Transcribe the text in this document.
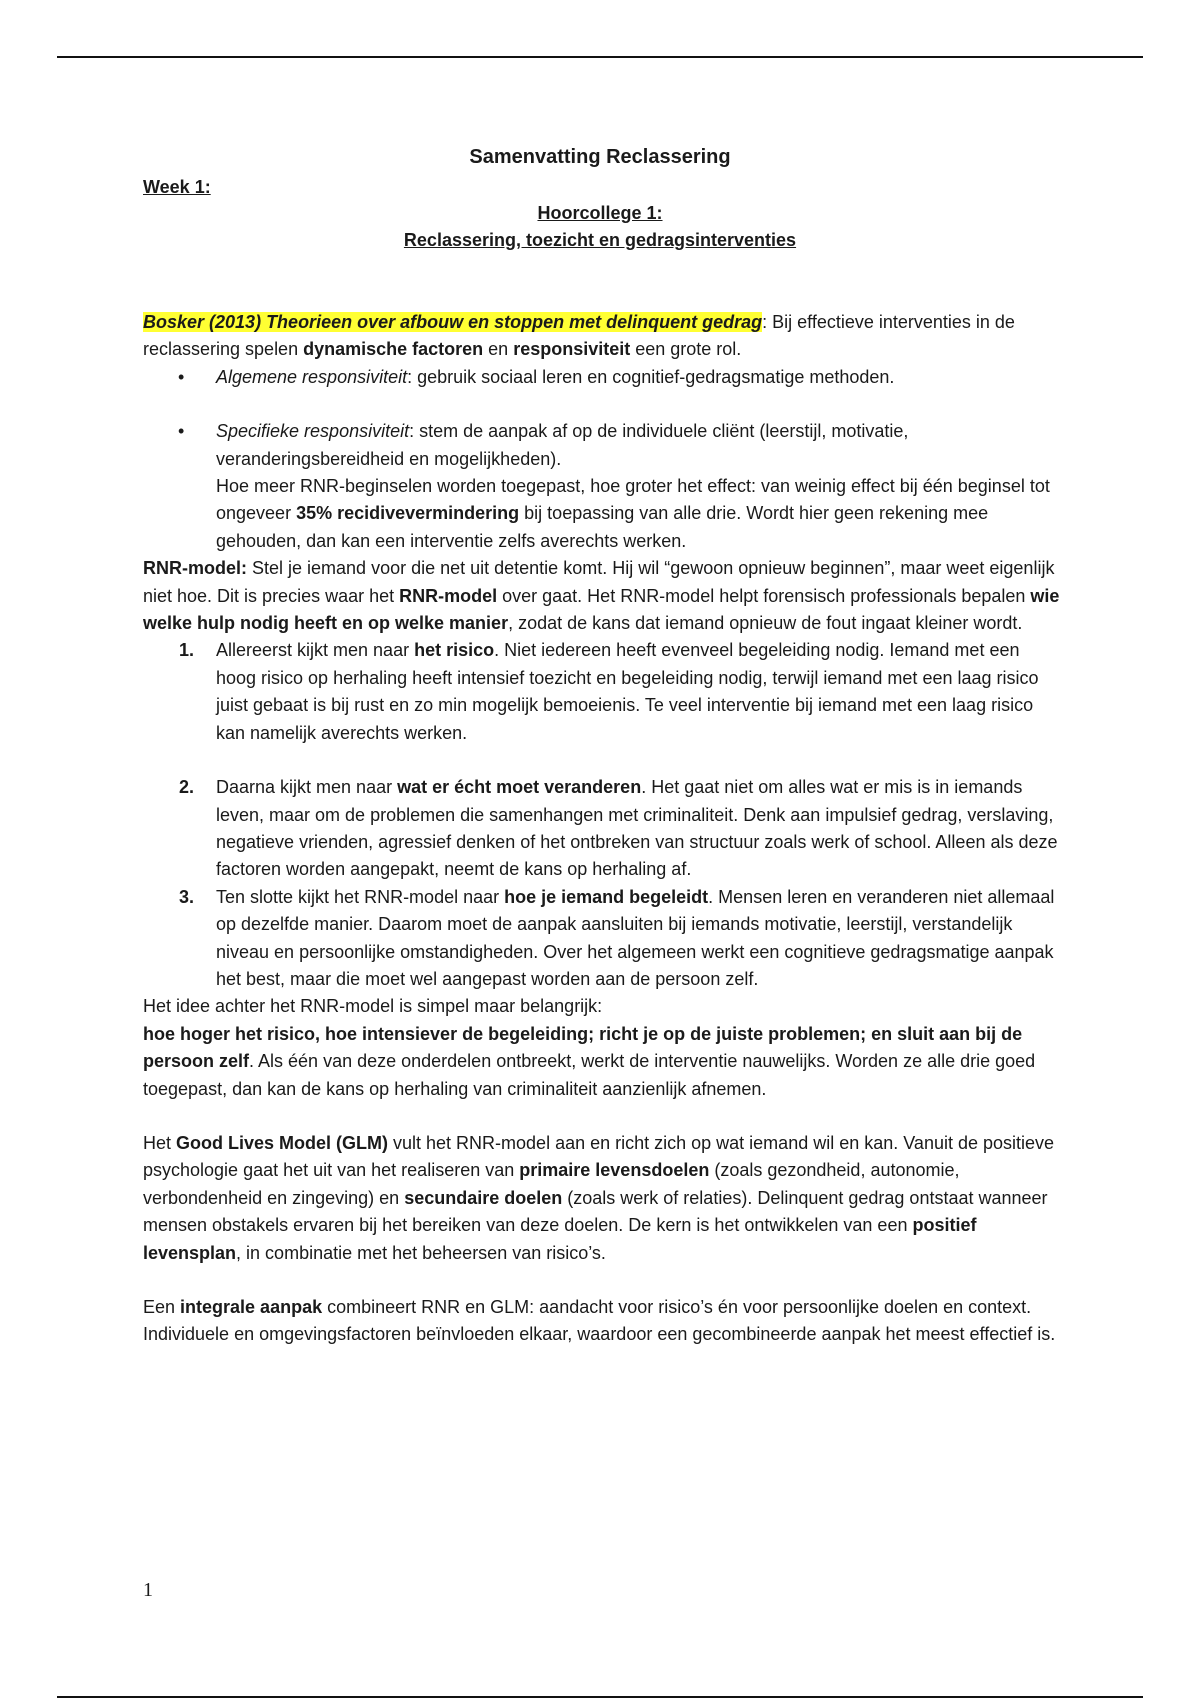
Samenvatting Reclassering
Week 1:
Hoorcollege 1:
Reclassering, toezicht en gedragsinterventies

Bosker (2013) Theorieen over afbouw en stoppen met delinquent gedrag: Bij effectieve interventies in de reclassering spelen dynamische factoren en responsiviteit een grote rol.

• Algemene responsiviteit: gebruik sociaal leren en cognitief-gedragsmatige methoden.
• Specifieke responsiviteit: stem de aanpak af op de individuele cliënt (leerstijl, motivatie, veranderingsbereidheid en mogelijkheden).
Hoe meer RNR-beginselen worden toegepast, hoe groter het effect: van weinig effect bij één beginsel tot ongeveer 35% recidivevermindering bij toepassing van alle drie. Wordt hier geen rekening mee gehouden, dan kan een interventie zelfs averechts werken.

RNR-model: Stel je iemand voor die net uit detentie komt. Hij wil “gewoon opnieuw beginnen”, maar weet eigenlijk niet hoe. Dit is precies waar het RNR-model over gaat. Het RNR-model helpt forensisch professionals bepalen wie welke hulp nodig heeft en op welke manier, zodat de kans dat iemand opnieuw de fout ingaat kleiner wordt.

1. Allereerst kijkt men naar het risico. Niet iedereen heeft evenveel begeleiding nodig. Iemand met een hoog risico op herhaling heeft intensief toezicht en begeleiding nodig, terwijl iemand met een laag risico juist gebaat is bij rust en zo min mogelijk bemoeienis. Te veel interventie bij iemand met een laag risico kan namelijk averechts werken.
2. Daarna kijkt men naar wat er écht moet veranderen. Het gaat niet om alles wat er mis is in iemands leven, maar om de problemen die samenhangen met criminaliteit. Denk aan impulsief gedrag, verslaving, negatieve vrienden, agressief denken of het ontbreken van structuur zoals werk of school. Alleen als deze factoren worden aangepakt, neemt de kans op herhaling af.
3. Ten slotte kijkt het RNR-model naar hoe je iemand begeleidt. Mensen leren en veranderen niet allemaal op dezelfde manier. Daarom moet de aanpak aansluiten bij iemands motivatie, leerstijl, verstandelijk niveau en persoonlijke omstandigheden. Over het algemeen werkt een cognitieve gedragsmatige aanpak het best, maar die moet wel aangepast worden aan de persoon zelf.

Het idee achter het RNR-model is simpel maar belangrijk:

hoe hoger het risico, hoe intensiever de begeleiding; richt je op de juiste problemen; en sluit aan bij de persoon zelf. Als één van deze onderdelen ontbreekt, werkt de interventie nauwelijks. Worden ze alle drie goed toegepast, dan kan de kans op herhaling van criminaliteit aanzienlijk afnemen.

Het Good Lives Model (GLM) vult het RNR-model aan en richt zich op wat iemand wil en kan. Vanuit de positieve psychologie gaat het uit van het realiseren van primaire levensdoelen (zoals gezondheid, autonomie, verbondenheid en zingeving) en secundaire doelen (zoals werk of relaties). Delinquent gedrag ontstaat wanneer mensen obstakels ervaren bij het bereiken van deze doelen. De kern is het ontwikkelen van een positief levensplan, in combinatie met het beheersen van risico’s.

Een integrale aanpak combineert RNR en GLM: aandacht voor risico’s én voor persoonlijke doelen en context. Individuele en omgevingsfactoren beïnvloeden elkaar, waardoor een gecombineerde aanpak het meest effectief is.

1
